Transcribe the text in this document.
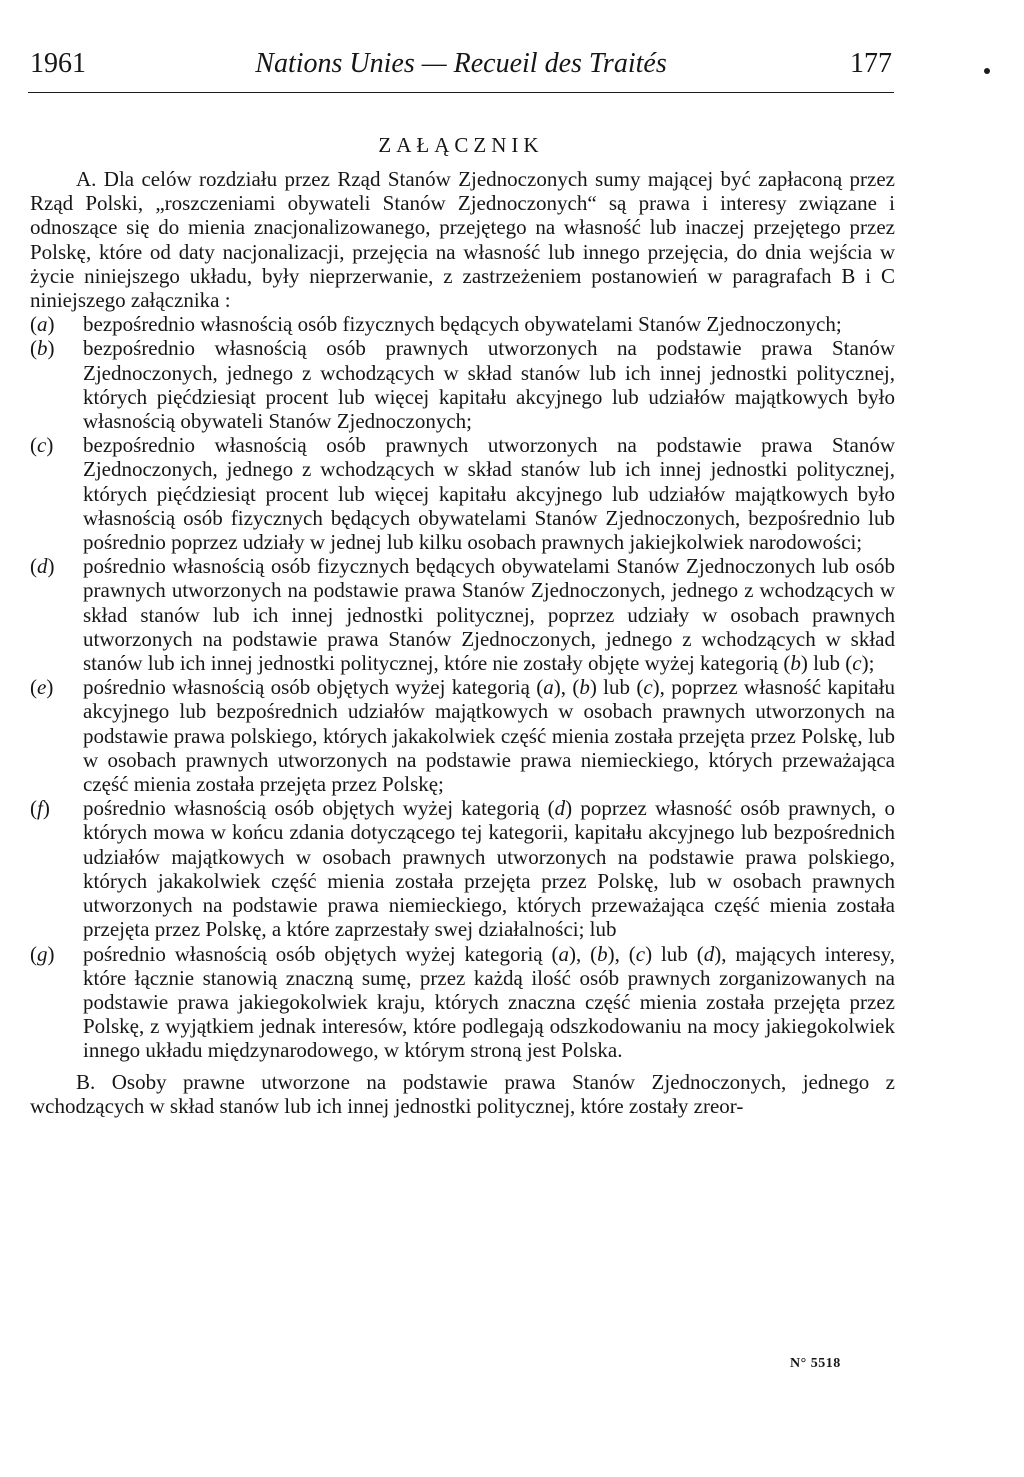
1961	Nations Unies — Recueil des Traités	177
ZAŁĄCZNIK

A. Dla celów rozdziału przez Rząd Stanów Zjednoczonych sumy mającej być zapłaconą przez Rząd Polski, „roszczeniami obywateli Stanów Zjednoczonych“ są prawa i interesy związane i odnoszące się do mienia znacjonalizowanego, przejętego na własność lub inaczej przejętego przez Polskę, które od daty nacjonalizacji, przejęcia na własność lub innego przejęcia, do dnia wejścia w życie niniejszego układu, były nieprzerwanie, z zastrzeżeniem postanowień w paragrafach B i C niniejszego załącznika :

(a)	bezpośrednio własnością osób fizycznych będących obywatelami Stanów Zjednoczonych;
(b)	bezpośrednio własnością osób prawnych utworzonych na podstawie prawa Stanów Zjednoczonych, jednego z wchodzących w skład stanów lub ich innej jednostki politycznej, których pięćdziesiąt procent lub więcej kapitału akcyjnego lub udziałów majątkowych było własnością obywateli Stanów Zjednoczonych;
(c)	bezpośrednio własnością osób prawnych utworzonych na podstawie prawa Stanów Zjednoczonych, jednego z wchodzących w skład stanów lub ich innej jednostki politycznej, których pięćdziesiąt procent lub więcej kapitału akcyjnego lub udziałów majątkowych było własnością osób fizycznych będących obywatelami Stanów Zjednoczonych, bezpośrednio lub pośrednio poprzez udziały w jednej lub kilku osobach prawnych jakiejkolwiek narodowości;
(d)	pośrednio własnością osób fizycznych będących obywatelami Stanów Zjednoczonych lub osób prawnych utworzonych na podstawie prawa Stanów Zjednoczonych, jednego z wchodzących w skład stanów lub ich innej jednostki politycznej, poprzez udziały w osobach prawnych utworzonych na podstawie prawa Stanów Zjednoczonych, jednego z wchodzących w skład stanów lub ich innej jednostki politycznej, które nie zostały objęte wyżej kategorią (b) lub (c);
(e)	pośrednio własnością osób objętych wyżej kategorią (a), (b) lub (c), poprzez własność kapitału akcyjnego lub bezpośrednich udziałów majątkowych w osobach prawnych utworzonych na podstawie prawa polskiego, których jakakolwiek część mienia została przejęta przez Polskę, lub w osobach prawnych utworzonych na podstawie prawa niemieckiego, których przeważająca część mienia została przejęta przez Polskę;
(f)	pośrednio własnością osób objętych wyżej kategorią (d) poprzez własność osób prawnych, o których mowa w końcu zdania dotyczącego tej kategorii, kapitału akcyjnego lub bezpośrednich udziałów majątkowych w osobach prawnych utworzonych na podstawie prawa polskiego, których jakakolwiek część mienia została przejęta przez Polskę, lub w osobach prawnych utworzonych na podstawie prawa niemieckiego, których przeważająca część mienia została przejęta przez Polskę, a które zaprzestały swej działalności; lub
(g)	pośrednio własnością osób objętych wyżej kategorią (a), (b), (c) lub (d), mających interesy, które łącznie stanowią znaczną sumę, przez każdą ilość osób prawnych zorganizowanych na podstawie prawa jakiegokolwiek kraju, których znaczna część mienia została przejęta przez Polskę, z wyjątkiem jednak interesów, które podlegają odszkodowaniu na mocy jakiegokolwiek innego układu międzynarodowego, w którym stroną jest Polska.

B. Osoby prawne utworzone na podstawie prawa Stanów Zjednoczonych, jednego z wchodzących w skład stanów lub ich innej jednostki politycznej, które zostały zreor-

N° 5518
